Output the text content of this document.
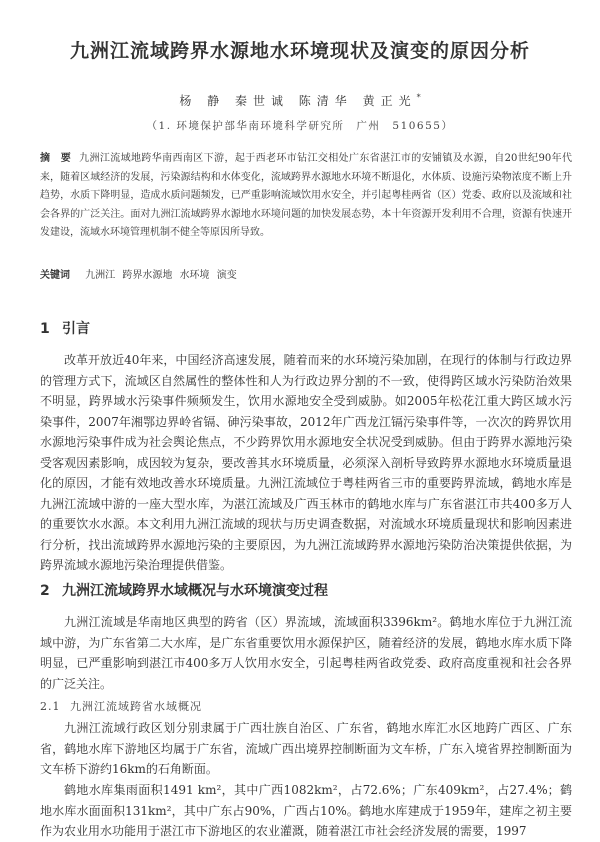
九洲江流域跨界水源地水环境现状及演变的原因分析
杨 静 秦世诚 陈清华 黄正光*
（1. 环境保护部华南环境科学研究所　广州　510655）
摘　要 九洲江流域地跨华南西南区下游，起于西老环市钻江交相处广东省湛江市的安铺镇及水源，自20世纪90年代来，随着区域经济的发展，污染源结构和水体变化，流域跨界水源地水环境不断退化，水体质、设施污染物浓度不断上升趋势，水质下降明显，造成水质问题频发，已严重影响流域饮用水安全，并引起粤桂两省（区）党委、政府以及流域和社会各界的广泛关注。面对九洲江流域跨界水源地水环境问题的加快发展态势，本十年资源开发利用不合理，资源有快速开发建设，流域水环境管理机制不健全等原因所导致。
关键词 九洲江 跨界水源地 水环境 演变
1 引言
改革开放近40年来，中国经济高速发展，随着而来的水环境污染加剧，在现行的体制与行政边界的管理方式下，流域区自然属性的整体性和人为行政边界分割的不一致，使得跨区域水污染防治效果不明显，跨界域水污染事件频频发生，饮用水源地安全受到威胁。如2005年松花江重大跨区域水污染事件，2007年湘鄂边界岭省镉、砷污染事故，2012年广西龙江镉污染事件等，一次次的跨界饮用水源地污染事件成为社会舆论焦点，不少跨界饮用水源地安全状况受到威胁。但由于跨界水源地污染受客观因素影响，成因较为复杂，要改善其水环境质量，必须深入剖析导致跨界水源地水环境质量退化的原因，才能有效地改善水环境质量。九洲江流域位于粤桂两省三市的重要跨界流域，鹤地水库是九洲江流域中游的一座大型水库，为湛江流域及广西玉林市的鹤地水库与广东省湛江市共400多万人的重要饮水水源。本文利用九洲江流域的现状与历史调查数据，对流域水环境质量现状和影响因素进行分析，找出流域跨界水源地污染的主要原因，为九洲江流域跨界水源地污染防治决策提供依据，为跨界流域水源地污染治理提供借鉴。
2 九洲江流域跨界水域概况与水环境演变过程
九洲江流域是华南地区典型的跨省（区）界流域，流域面积3396km²。鹤地水库位于九洲江流域中游，为广东省第二大水库，是广东省重要饮用水源保护区，随着经济的发展，鹤地水库水质下降明显，已严重影响到湛江市400多万人饮用水安全，引起粤桂两省政党委、政府高度重视和社会各界的广泛关注。
2.1 九洲江流域跨省水域概况
九洲江流域行政区划分别隶属于广西壮族自治区、广东省，鹤地水库汇水区地跨广西区、广东省，鹤地水库下游地区均属于广东省，流域广西出境界控制断面为文车桥，广东入境省界控制断面为文车桥下游约16km的石角断面。
鹤地水库集雨面积1491 km²，其中广西1082km²，占72.6%；广东409km²，占27.4%；鹤地水库水面面积131km²，其中广东占90%，广西占10%。鹤地水库建成于1959年，建库之初主要作为农业用水功能用于湛江市下游地区的农业灌溉，随着湛江市社会经济发展的需要，1997
